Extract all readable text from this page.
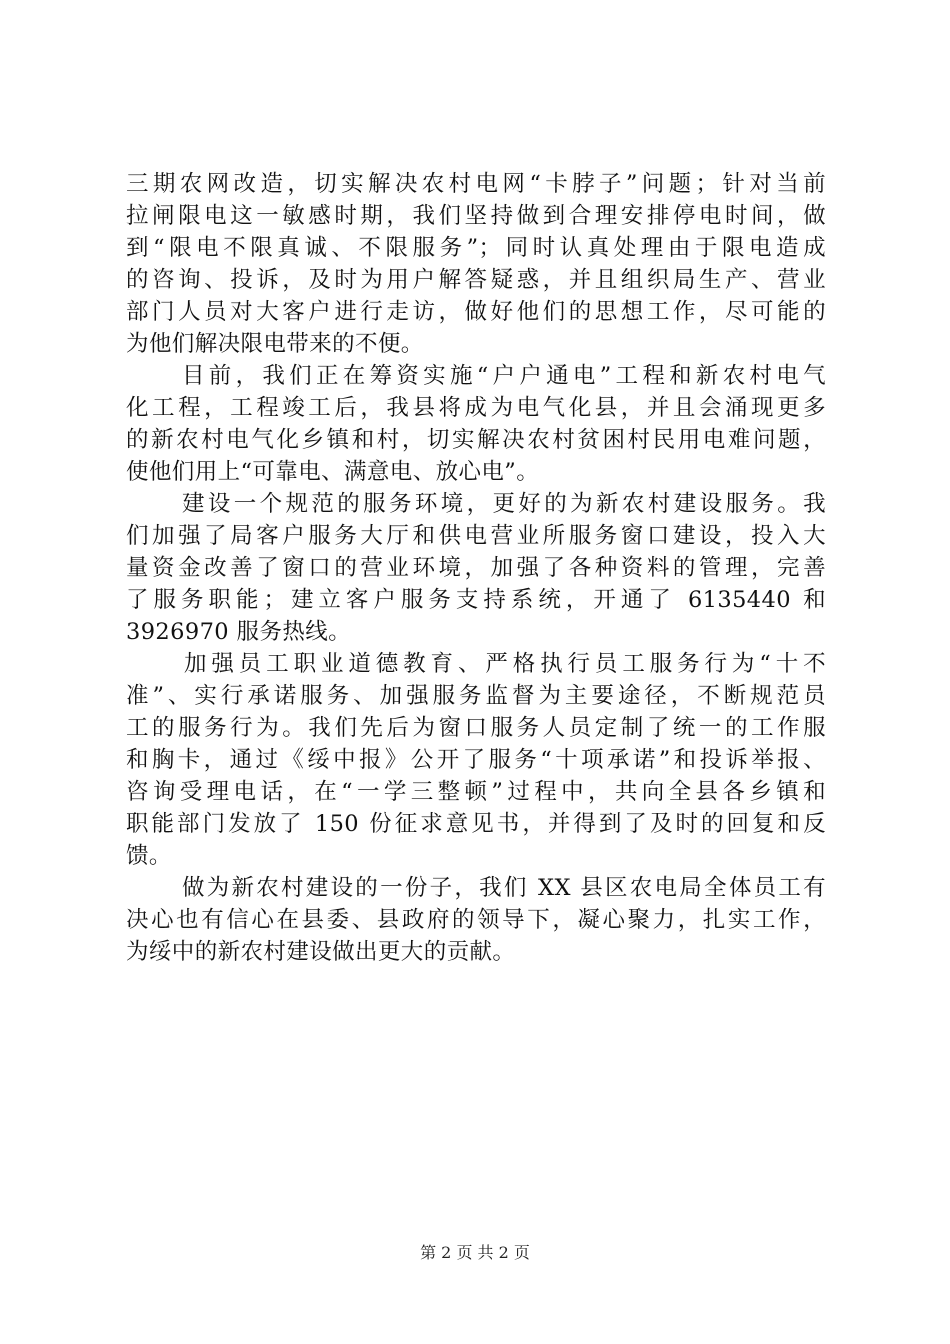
三期农网改造，切实解决农村电网“卡脖子”问题；针对当前
拉闸限电这一敏感时期，我们坚持做到合理安排停电时间，做
到“限电不限真诚、不限服务”；同时认真处理由于限电造成
的咨询、投诉，及时为用户解答疑惑，并且组织局生产、营业
部门人员对大客户进行走访，做好他们的思想工作，尽可能的
为他们解决限电带来的不便。
目前，我们正在筹资实施“户户通电”工程和新农村电气
化工程，工程竣工后，我县将成为电气化县，并且会涌现更多
的新农村电气化乡镇和村，切实解决农村贫困村民用电难问题，
使他们用上“可靠电、满意电、放心电”。
建设一个规范的服务环境，更好的为新农村建设服务。我
们加强了局客户服务大厅和供电营业所服务窗口建设，投入大
量资金改善了窗口的营业环境，加强了各种资料的管理，完善
了服务职能；建立客户服务支持系统，开通了 6135440 和
3926970 服务热线。
加强员工职业道德教育、严格执行员工服务行为“十不
准”、实行承诺服务、加强服务监督为主要途径，不断规范员
工的服务行为。我们先后为窗口服务人员定制了统一的工作服
和胸卡，通过《绥中报》公开了服务“十项承诺”和投诉举报、
咨询受理电话，在“一学三整顿”过程中，共向全县各乡镇和
职能部门发放了 150 份征求意见书，并得到了及时的回复和反
馈。
做为新农村建设的一份子，我们 XX 县区农电局全体员工有
决心也有信心在县委、县政府的领导下，凝心聚力，扎实工作，
为绥中的新农村建设做出更大的贡献。
第 2 页 共 2 页
